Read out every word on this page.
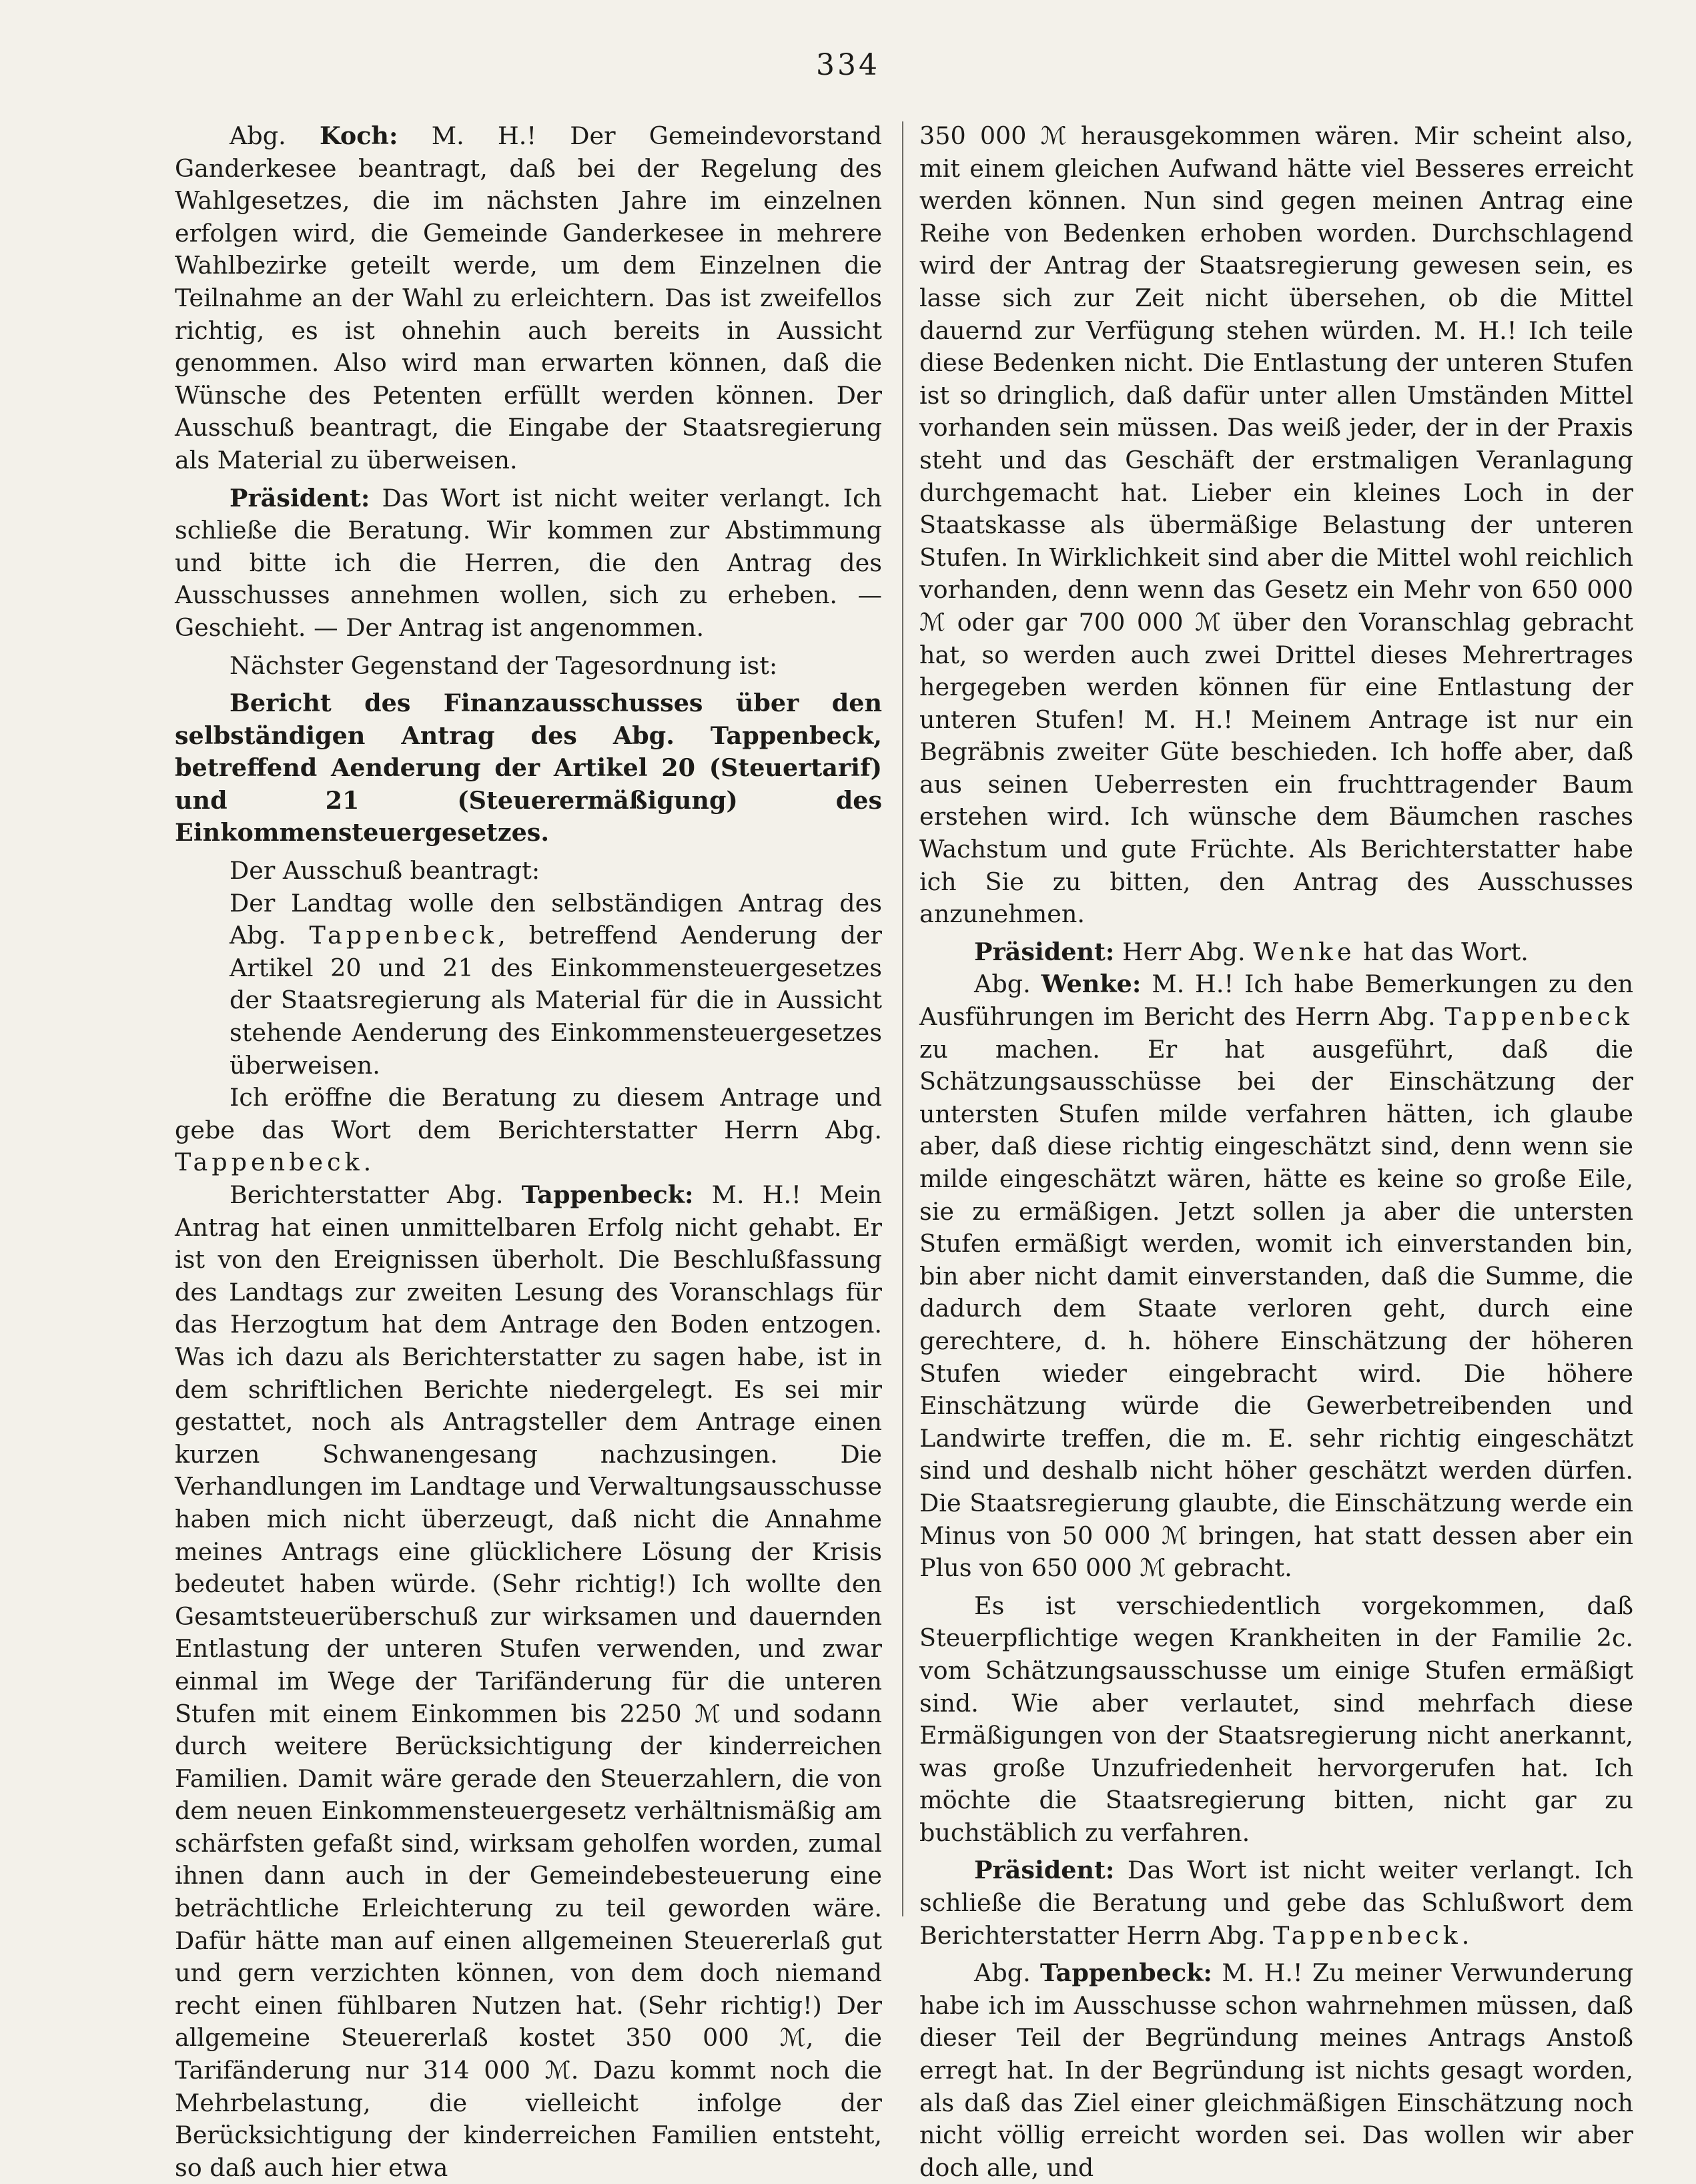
334

Abg. Koch: M. H.! Der Gemeindevorstand Ganderkesee beantragt, daß bei der Regelung des Wahlgesetzes, die im nächsten Jahre im einzelnen erfolgen wird, die Gemeinde Ganderkesee in mehrere Wahlbezirke geteilt werde, um dem Einzelnen die Teilnahme an der Wahl zu erleichtern. Das ist zweifellos richtig, es ist ohnehin auch bereits in Aussicht genommen. Also wird man erwarten können, daß die Wünsche des Petenten erfüllt werden können. Der Ausschuß beantragt, die Eingabe der Staatsregierung als Material zu überweisen.

Präsident: Das Wort ist nicht weiter verlangt. Ich schließe die Beratung. Wir kommen zur Abstimmung und bitte ich die Herren, die den Antrag des Ausschusses annehmen wollen, sich zu erheben. — Geschieht. — Der Antrag ist angenommen.

Nächster Gegenstand der Tagesordnung ist:

Bericht des Finanzausschusses über den selbständigen Antrag des Abg. Tappenbeck, betreffend Aenderung der Artikel 20 (Steuertarif) und 21 (Steuerermäßigung) des Einkommensteuergesetzes.

Der Ausschuß beantragt:

Der Landtag wolle den selbständigen Antrag des Abg. Tappenbeck, betreffend Aenderung der Artikel 20 und 21 des Einkommensteuergesetzes der Staatsregierung als Material für die in Aussicht stehende Aenderung des Einkommensteuergesetzes überweisen.

Ich eröffne die Beratung zu diesem Antrage und gebe das Wort dem Berichterstatter Herrn Abg. Tappenbeck.

Berichterstatter Abg. Tappenbeck: M. H.! Mein Antrag hat einen unmittelbaren Erfolg nicht gehabt. Er ist von den Ereignissen überholt. Die Beschlußfassung des Landtags zur zweiten Lesung des Voranschlags für das Herzogtum hat dem Antrage den Boden entzogen. Was ich dazu als Berichterstatter zu sagen habe, ist in dem schriftlichen Berichte niedergelegt. Es sei mir gestattet, noch als Antragsteller dem Antrage einen kurzen Schwanengesang nachzusingen. Die Verhandlungen im Landtage und Verwaltungsausschusse haben mich nicht überzeugt, daß nicht die Annahme meines Antrags eine glücklichere Lösung der Krisis bedeutet haben würde. (Sehr richtig!) Ich wollte den Gesamtsteuerüberschuß zur wirksamen und dauernden Entlastung der unteren Stufen verwenden, und zwar einmal im Wege der Tarifänderung für die unteren Stufen mit einem Einkommen bis 2250 ℳ und sodann durch weitere Berücksichtigung der kinderreichen Familien. Damit wäre gerade den Steuerzahlern, die von dem neuen Einkommensteuergesetz verhältnismäßig am schärfsten gefaßt sind, wirksam geholfen worden, zumal ihnen dann auch in der Gemeindebesteuerung eine beträchtliche Erleichterung zu teil geworden wäre. Dafür hätte man auf einen allgemeinen Steuererlaß gut und gern verzichten können, von dem doch niemand recht einen fühlbaren Nutzen hat. (Sehr richtig!) Der allgemeine Steuererlaß kostet 350 000 ℳ, die Tarifänderung nur 314 000 ℳ. Dazu kommt noch die Mehrbelastung, die vielleicht infolge der Berücksichtigung der kinderreichen Familien entsteht, so daß auch hier etwa

350 000 ℳ herausgekommen wären. Mir scheint also, mit einem gleichen Aufwand hätte viel Besseres erreicht werden können. Nun sind gegen meinen Antrag eine Reihe von Bedenken erhoben worden. Durchschlagend wird der Antrag der Staatsregierung gewesen sein, es lasse sich zur Zeit nicht übersehen, ob die Mittel dauernd zur Verfügung stehen würden. M. H.! Ich teile diese Bedenken nicht. Die Entlastung der unteren Stufen ist so dringlich, daß dafür unter allen Umständen Mittel vorhanden sein müssen. Das weiß jeder, der in der Praxis steht und das Geschäft der erstmaligen Veranlagung durchgemacht hat. Lieber ein kleines Loch in der Staatskasse als übermäßige Belastung der unteren Stufen. In Wirklichkeit sind aber die Mittel wohl reichlich vorhanden, denn wenn das Gesetz ein Mehr von 650 000 ℳ oder gar 700 000 ℳ über den Voranschlag gebracht hat, so werden auch zwei Drittel dieses Mehrertrages hergegeben werden können für eine Entlastung der unteren Stufen! M. H.! Meinem Antrage ist nur ein Begräbnis zweiter Güte beschieden. Ich hoffe aber, daß aus seinen Ueberresten ein fruchttragender Baum erstehen wird. Ich wünsche dem Bäumchen rasches Wachstum und gute Früchte. Als Berichterstatter habe ich Sie zu bitten, den Antrag des Ausschusses anzunehmen.

Präsident: Herr Abg. Wenke hat das Wort.

Abg. Wenke: M. H.! Ich habe Bemerkungen zu den Ausführungen im Bericht des Herrn Abg. Tappenbeck zu machen. Er hat ausgeführt, daß die Schätzungsausschüsse bei der Einschätzung der untersten Stufen milde verfahren hätten, ich glaube aber, daß diese richtig eingeschätzt sind, denn wenn sie milde eingeschätzt wären, hätte es keine so große Eile, sie zu ermäßigen. Jetzt sollen ja aber die untersten Stufen ermäßigt werden, womit ich einverstanden bin, bin aber nicht damit einverstanden, daß die Summe, die dadurch dem Staate verloren geht, durch eine gerechtere, d. h. höhere Einschätzung der höheren Stufen wieder eingebracht wird. Die höhere Einschätzung würde die Gewerbetreibenden und Landwirte treffen, die m. E. sehr richtig eingeschätzt sind und deshalb nicht höher geschätzt werden dürfen. Die Staatsregierung glaubte, die Einschätzung werde ein Minus von 50 000 ℳ bringen, hat statt dessen aber ein Plus von 650 000 ℳ gebracht.

Es ist verschiedentlich vorgekommen, daß Steuerpflichtige wegen Krankheiten in der Familie 2c. vom Schätzungsausschusse um einige Stufen ermäßigt sind. Wie aber verlautet, sind mehrfach diese Ermäßigungen von der Staatsregierung nicht anerkannt, was große Unzufriedenheit hervorgerufen hat. Ich möchte die Staatsregierung bitten, nicht gar zu buchstäblich zu verfahren.

Präsident: Das Wort ist nicht weiter verlangt. Ich schließe die Beratung und gebe das Schlußwort dem Berichterstatter Herrn Abg. Tappenbeck.

Abg. Tappenbeck: M. H.! Zu meiner Verwunderung habe ich im Ausschusse schon wahrnehmen müssen, daß dieser Teil der Begründung meines Antrags Anstoß erregt hat. In der Begründung ist nichts gesagt worden, als daß das Ziel einer gleichmäßigen Einschätzung noch nicht völlig erreicht worden sei. Das wollen wir aber doch alle, und
